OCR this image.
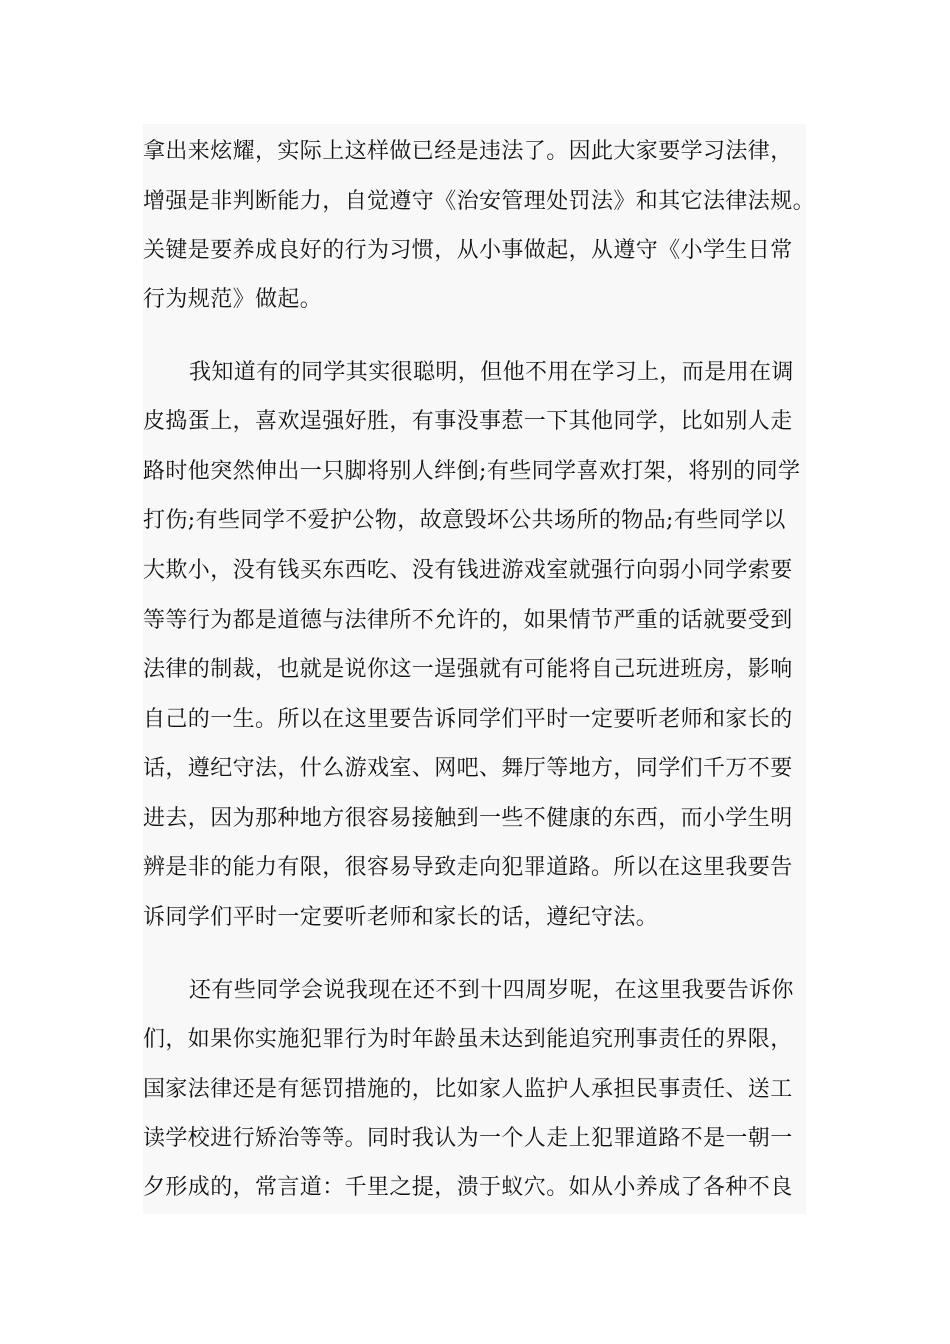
拿出来炫耀，实际上这样做已经是违法了。因此大家要学习法律，
增强是非判断能力，自觉遵守《治安管理处罚法》和其它法律法规。
关键是要养成良好的行为习惯，从小事做起，从遵守《小学生日常
行为规范》做起。
我知道有的同学其实很聪明，但他不用在学习上，而是用在调
皮捣蛋上，喜欢逞强好胜，有事没事惹一下其他同学，比如别人走
路时他突然伸出一只脚将别人绊倒;有些同学喜欢打架，将别的同学
打伤;有些同学不爱护公物，故意毁坏公共场所的物品;有些同学以
大欺小，没有钱买东西吃、没有钱进游戏室就强行向弱小同学索要
等等行为都是道德与法律所不允许的，如果情节严重的话就要受到
法律的制裁，也就是说你这一逞强就有可能将自己玩进班房，影响
自己的一生。所以在这里要告诉同学们平时一定要听老师和家长的
话，遵纪守法，什么游戏室、网吧、舞厅等地方，同学们千万不要
进去，因为那种地方很容易接触到一些不健康的东西，而小学生明
辨是非的能力有限，很容易导致走向犯罪道路。所以在这里我要告
诉同学们平时一定要听老师和家长的话，遵纪守法。
还有些同学会说我现在还不到十四周岁呢，在这里我要告诉你
们，如果你实施犯罪行为时年龄虽未达到能追究刑事责任的界限，
国家法律还是有惩罚措施的，比如家人监护人承担民事责任、送工
读学校进行矫治等等。同时我认为一个人走上犯罪道路不是一朝一
夕形成的，常言道：千里之提，溃于蚁穴。如从小养成了各种不良
